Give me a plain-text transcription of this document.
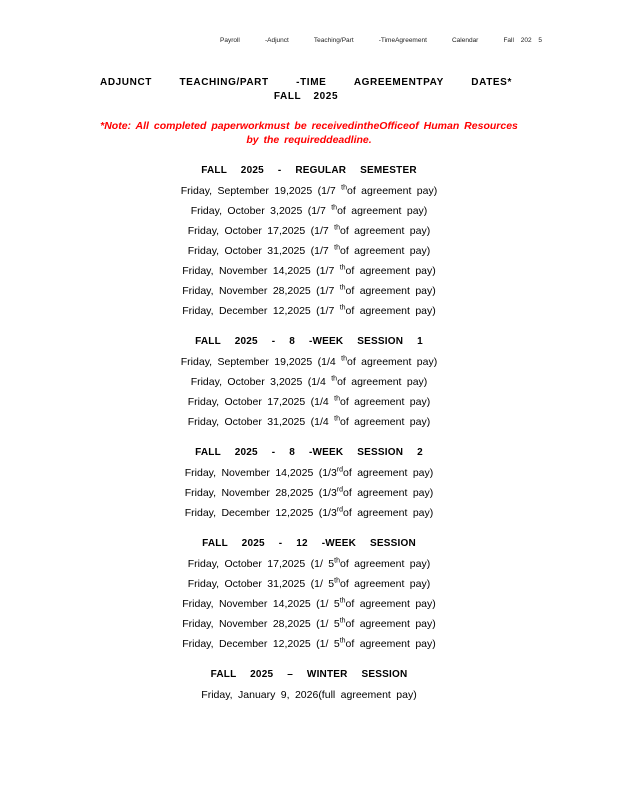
Payroll	-Adjunct	Teaching/Part	-TimeAgreement	Calendar	Fall 202 5
ADJUNCT	TEACHING/PART	-TIME	AGREEMENTPAY	DATES*
FALL 2025
*Note: All completed paperworkmust be receivedintheOfficeof Human Resources
by the requireddeadline.
FALL 2025 - REGULAR SEMESTER
Friday, September 19,2025 (1/7 $^{th}$of agreement pay)
Friday, October 3,2025 (1/7 $^{th}$of agreement pay)
Friday, October 17,2025 (1/7 $^{th}$of agreement pay)
Friday, October 31,2025 (1/7 $^{th}$of agreement pay)
Friday, November 14,2025 (1/7 $^{th}$of agreement pay)
Friday, November 28,2025 (1/7 $^{th}$of agreement pay)
Friday, December 12,2025 (1/7 $^{th}$of agreement pay)
FALL 2025 - 8 -WEEK SESSION 1
Friday, September 19,2025 (1/4 $^{th}$of agreement pay)
Friday, October 3,2025 (1/4 $^{th}$of agreement pay)
Friday, October 17,2025 (1/4 $^{th}$of agreement pay)
Friday, October 31,2025 (1/4 $^{th}$of agreement pay)
FALL 2025 - 8 -WEEK SESSION 2
Friday, November 14,2025 (1/3rdof agreement pay)
Friday, November 28,2025 (1/3rdof agreement pay)
Friday, December 12,2025 (1/3rdof agreement pay)
FALL 2025 - 12 -WEEK SESSION
Friday, October 17,2025 (1/ 5thof agreement pay)
Friday, October 31,2025 (1/ 5thof agreement pay)
Friday, November 14,2025 (1/ 5thof agreement pay)
Friday, November 28,2025 (1/ 5thof agreement pay)
Friday, December 12,2025 (1/ 5thof agreement pay)
FALL 2025 – WINTER SESSION
Friday, January 9, 2026(full agreement pay)
